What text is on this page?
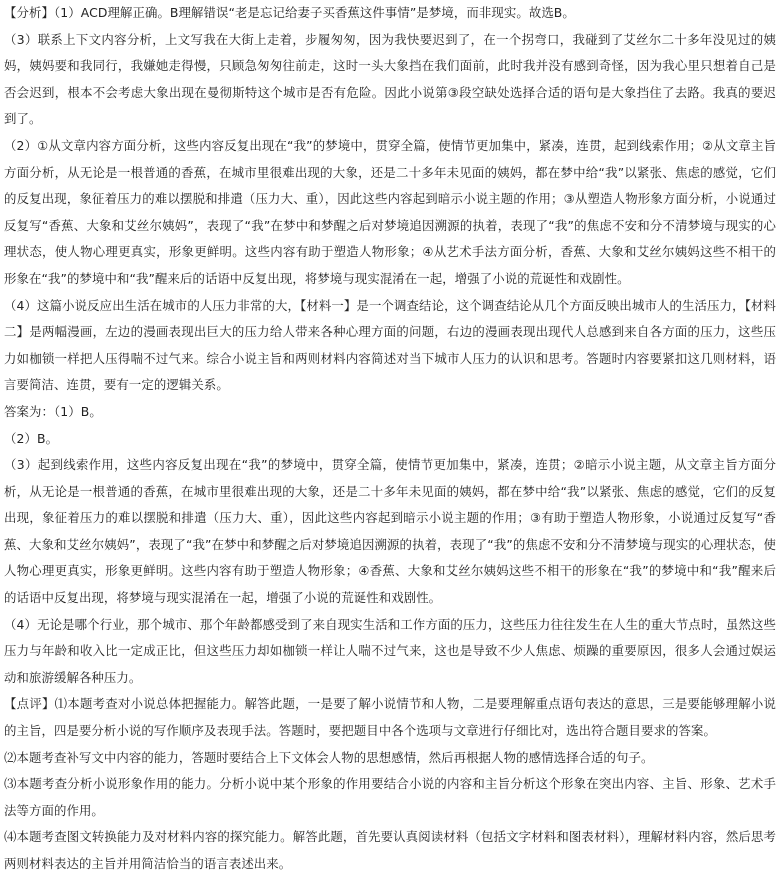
【分析】（1）ACD理解正确。B理解错误“老是忘记给妻子买香蕉这件事情”是梦境，而非现实。故选B。

（3）联系上下文内容分析，上文写我在大街上走着，步履匆匆，因为我快要迟到了，在一个拐弯口，我碰到了艾丝尔二十多年没见过的姨妈，姨妈要和我同行，我嫌她走得慢，只顾急匆匆往前走，这时一头大象挡在我们面前，此时我并没有感到奇怪，因为我心里只想着自己是否会迟到，根本不会考虑大象出现在曼彻斯特这个城市是否有危险。因此小说第③段空缺处选择合适的语句是大象挡住了去路。我真的要迟到了。

（2）①从文章内容方面分析，这些内容反复出现在“我”的梦境中，贯穿全篇，使情节更加集中，紧凑，连贯，起到线索作用；②从文章主旨方面分析，从无论是一根普通的香蕉，在城市里很难出现的大象，还是二十多年未见面的姨妈，都在梦中给“我”以紧张、焦虑的感觉，它们的反复出现，象征着压力的难以摆脱和排遣（压力大、重），因此这些内容起到暗示小说主题的作用；③从塑造人物形象方面分析，小说通过反复写“香蕉、大象和艾丝尔姨妈”，表现了“我”在梦中和梦醒之后对梦境追因溯源的执着，表现了“我”的焦虑不安和分不清梦境与现实的心理状态，使人物心理更真实，形象更鲜明。这些内容有助于塑造人物形象；④从艺术手法方面分析，香蕉、大象和艾丝尔姨妈这些不相干的形象在“我”的梦境中和“我”醒来后的话语中反复出现，将梦境与现实混淆在一起，增强了小说的荒诞性和戏剧性。

（4）这篇小说反应出生活在城市的人压力非常的大，【材料一】是一个调查结论，这个调查结论从几个方面反映出城市人的生活压力，【材料二】是两幅漫画，左边的漫画表现出巨大的压力给人带来各种心理方面的问题，右边的漫画表现出现代人总感到来自各方面的压力，这些压力如枷锁一样把人压得喘不过气来。综合小说主旨和两则材料内容简述对当下城市人压力的认识和思考。答题时内容要紧扣这几则材料，语言要简洁、连贯，要有一定的逻辑关系。

答案为：（1）B。

（2）B。

（3）起到线索作用，这些内容反复出现在“我”的梦境中，贯穿全篇，使情节更加集中，紧凑，连贯；②暗示小说主题，从文章主旨方面分析，从无论是一根普通的香蕉，在城市里很难出现的大象，还是二十多年未见面的姨妈，都在梦中给“我”以紧张、焦虑的感觉，它们的反复出现，象征着压力的难以摆脱和排遣（压力大、重），因此这些内容起到暗示小说主题的作用；③有助于塑造人物形象，小说通过反复写“香蕉、大象和艾丝尔姨妈”，表现了“我”在梦中和梦醒之后对梦境追因溯源的执着，表现了“我”的焦虑不安和分不清梦境与现实的心理状态，使人物心理更真实，形象更鲜明。这些内容有助于塑造人物形象；④香蕉、大象和艾丝尔姨妈这些不相干的形象在“我”的梦境中和“我”醒来后的话语中反复出现，将梦境与现实混淆在一起，增强了小说的荒诞性和戏剧性。

（4）无论是哪个行业，那个城市、那个年龄都感受到了来自现实生活和工作方面的压力，这些压力往往发生在人生的重大节点时，虽然这些压力与年龄和收入比一定成正比，但这些压力却如枷锁一样让人喘不过气来，这也是导致不少人焦虑、烦躁的重要原因，很多人会通过娱运动和旅游缓解各种压力。

【点评】⑴本题考查对小说总体把握能力。解答此题，一是要了解小说情节和人物，二是要理解重点语句表达的意思，三是要能够理解小说的主旨，四是要分析小说的写作顺序及表现手法。答题时，要把题目中各个选项与文章进行仔细比对，选出符合题目要求的答案。

⑵本题考查补写文中内容的能力，答题时要结合上下文体会人物的思想感情，然后再根据人物的感情选择合适的句子。

⑶本题考查分析小说形象作用的能力。分析小说中某个形象的作用要结合小说的内容和主旨分析这个形象在突出内容、主旨、形象、艺术手法等方面的作用。

⑷本题考查图文转换能力及对材料内容的探究能力。解答此题，首先要认真阅读材料（包括文字材料和图表材料），理解材料内容，然后思考两则材料表达的主旨并用简洁恰当的语言表述出来。
